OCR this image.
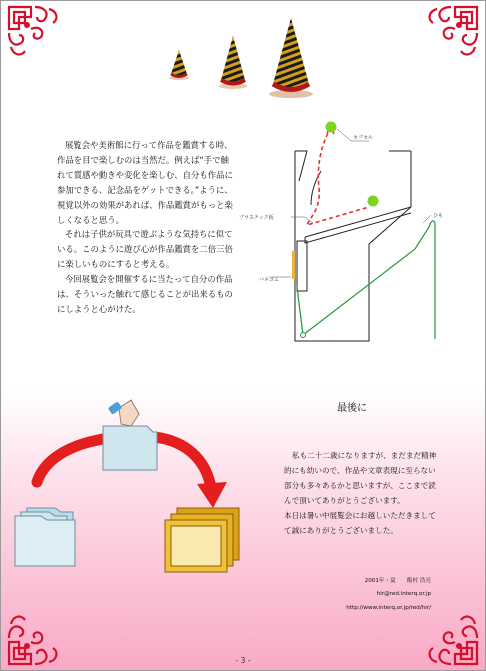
展覧会や美術館に行って作品を鑑賞する時、作品を目で楽しむのは当然だ。例えば“手で触れて質感や動きや変化を楽しむ、自分も作品に参加できる、記念品をゲットできる。”ように、視覚以外の効果があれば、作品鑑賞がもっと楽しくなると思う。

それは子供が玩具で遊ぶような気持ちに似ている。このように遊び心が作品鑑賞を二倍三倍に楽しいものにすると考える。

今回展覧会を開催するに当たって自分の作品は、そういった触れて感じることが出来るものにしようと心がけた。

カプセル
プラスチック板
バネゴム
ひも
最後に

私も二十二歳になりますが、まだまだ精神的にも幼いので、作品や文章表現に至らない部分も多々あるかと思いますが、ここまで読んで頂いてありがとうございます。

本日は暑い中展覧会にお越しいただきましてて誠にありがとうございました。

2001年・夏　　飯村 浩亮
hir@red.interq.or.jp
http://www.interq.or.jp/red/hir/
- 3 -
